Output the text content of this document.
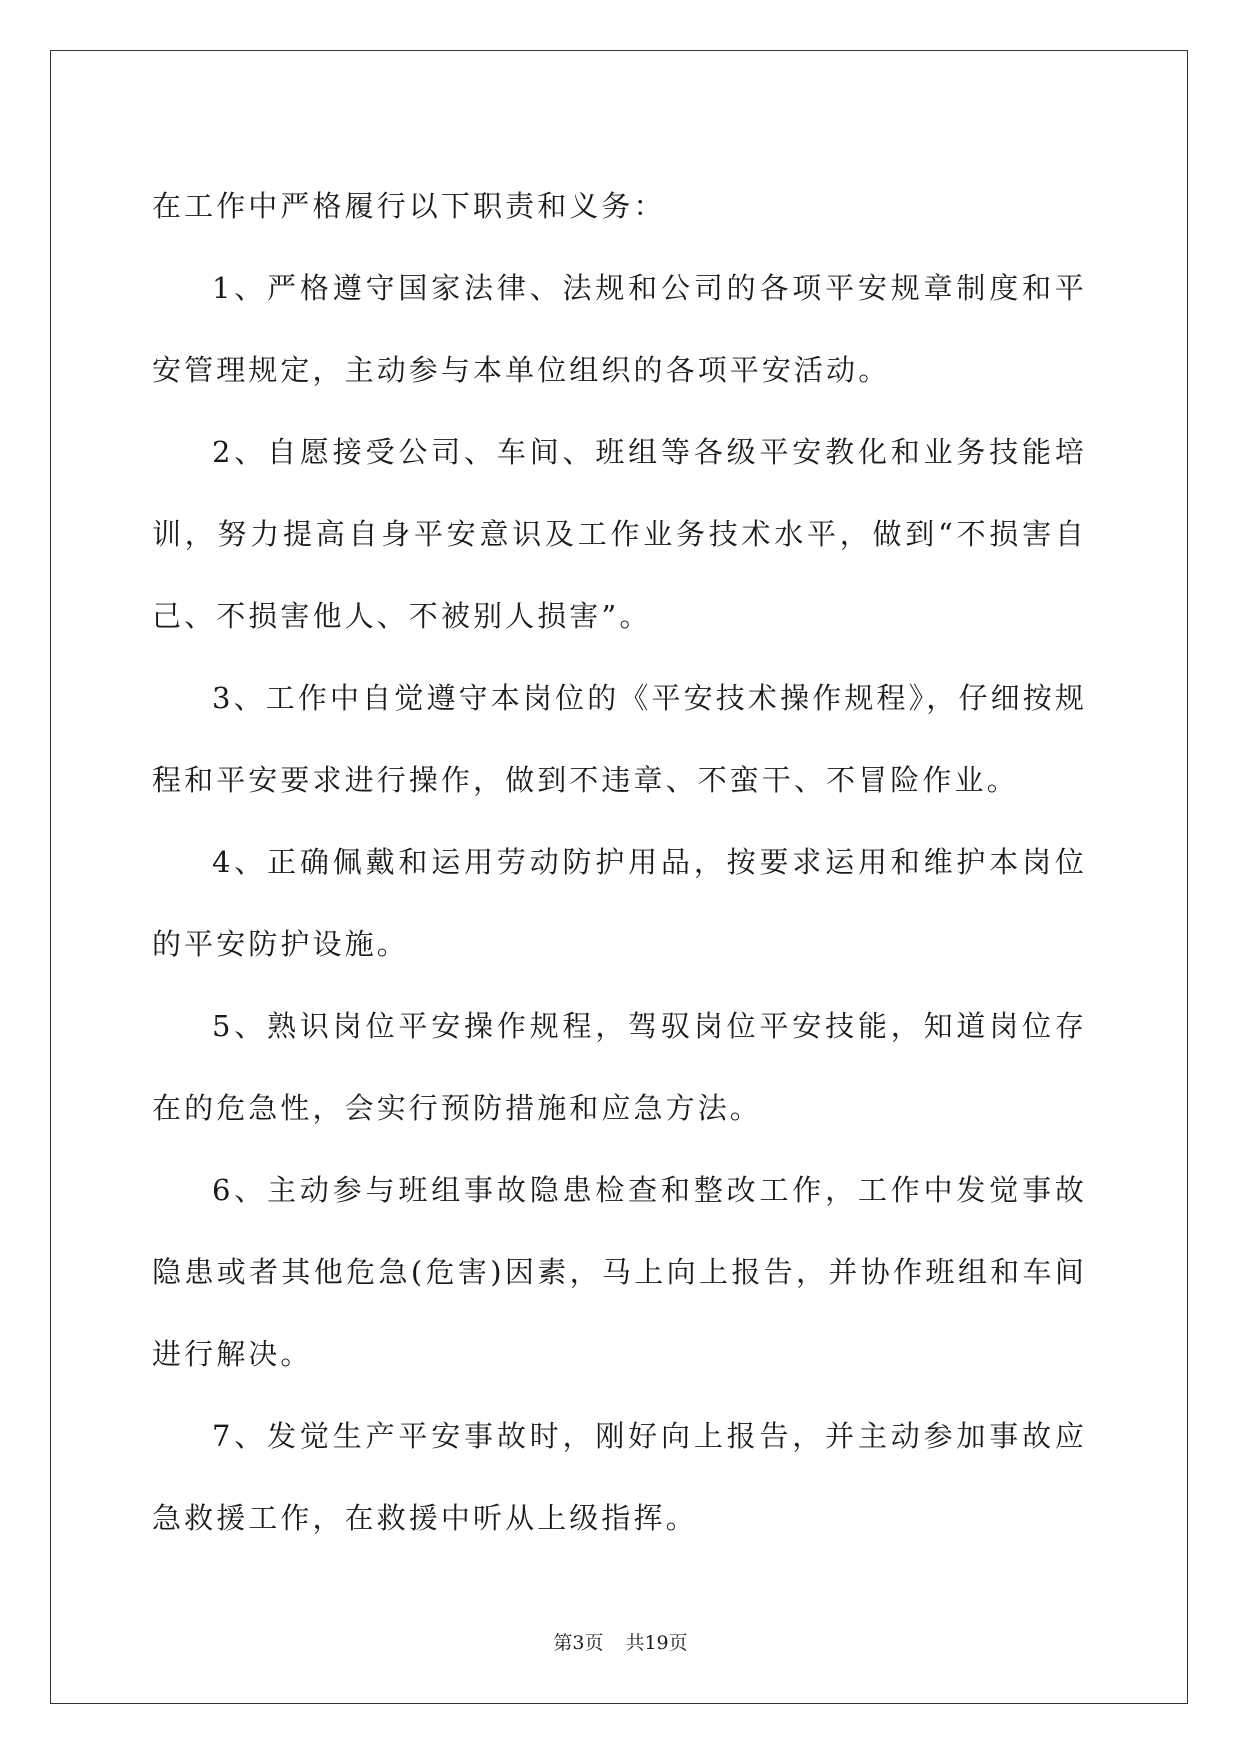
在工作中严格履行以下职责和义务：

1、严格遵守国家法律、法规和公司的各项平安规章制度和平安管理规定，主动参与本单位组织的各项平安活动。

2、自愿接受公司、车间、班组等各级平安教化和业务技能培训，努力提高自身平安意识及工作业务技术水平，做到“不损害自己、不损害他人、不被别人损害”。

3、工作中自觉遵守本岗位的《平安技术操作规程》，仔细按规程和平安要求进行操作，做到不违章、不蛮干、不冒险作业。

4、正确佩戴和运用劳动防护用品，按要求运用和维护本岗位的平安防护设施。

5、熟识岗位平安操作规程，驾驭岗位平安技能，知道岗位存在的危急性，会实行预防措施和应急方法。

6、主动参与班组事故隐患检查和整改工作，工作中发觉事故隐患或者其他危急(危害)因素，马上向上报告，并协作班组和车间进行解决。

7、发觉生产平安事故时，刚好向上报告，并主动参加事故应急救援工作，在救援中听从上级指挥。

第3页 共19页
